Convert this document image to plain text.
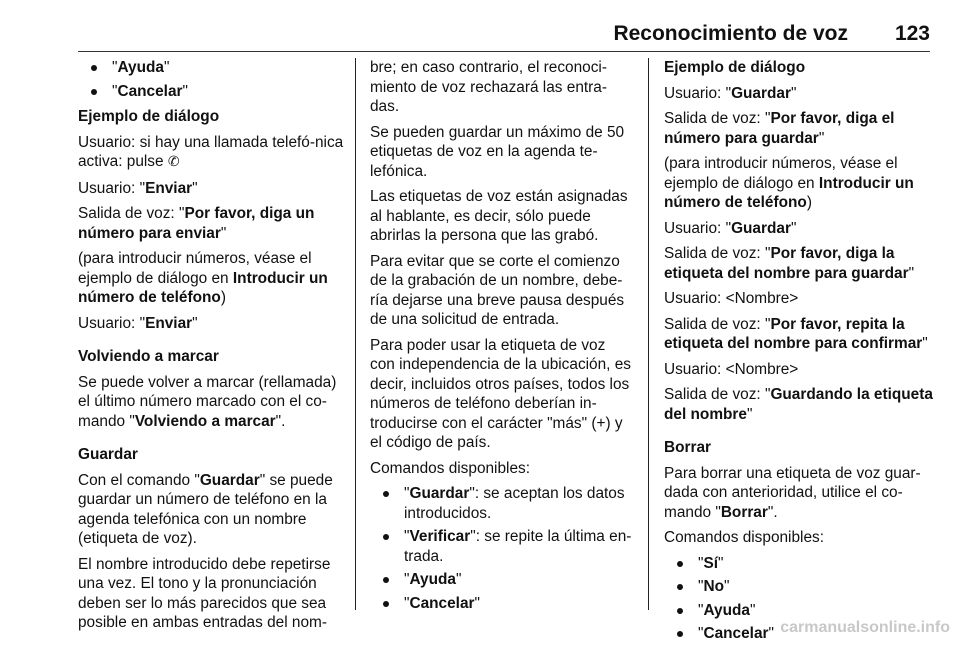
Reconocimiento de voz 123
"Ayuda"
"Cancelar"

Ejemplo de diálogo

Usuario: si hay una llamada telefó-nica activa: pulse ✆

Usuario: "Enviar"

Salida de voz: "Por favor, diga un número para enviar"

(para introducir números, véase el ejemplo de diálogo en Introducir un número de teléfono)

Usuario: "Enviar"

Volviendo a marcar

Se puede volver a marcar (rellamada) el último número marcado con el co-mando "Volviendo a marcar".

Guardar

Con el comando "Guardar" se puede guardar un número de teléfono en la agenda telefónica con un nombre (etiqueta de voz).

El nombre introducido debe repetirse una vez. El tono y la pronunciación deben ser lo más parecidos que sea posible en ambas entradas del nom-

bre; en caso contrario, el reconoci-miento de voz rechazará las entra-das.

Se pueden guardar un máximo de 50 etiquetas de voz en la agenda te-lefónica.

Las etiquetas de voz están asignadas al hablante, es decir, sólo puede abrirlas la persona que las grabó.

Para evitar que se corte el comienzo de la grabación de un nombre, debe-ría dejarse una breve pausa después de una solicitud de entrada.

Para poder usar la etiqueta de voz con independencia de la ubicación, es decir, incluidos otros países, todos los números de teléfono deberían in-troducirse con el carácter "más" (+) y el código de país.

Comandos disponibles:

"Guardar": se aceptan los datos introducidos.
"Verificar": se repite la última en-trada.
"Ayuda"
"Cancelar"

Ejemplo de diálogo

Usuario: "Guardar"

Salida de voz: "Por favor, diga el número para guardar"

(para introducir números, véase el ejemplo de diálogo en Introducir un número de teléfono)

Usuario: "Guardar"

Salida de voz: "Por favor, diga la etiqueta del nombre para guardar"

Usuario: <Nombre>

Salida de voz: "Por favor, repita la etiqueta del nombre para confirmar"

Usuario: <Nombre>

Salida de voz: "Guardando la etiqueta del nombre"

Borrar

Para borrar una etiqueta de voz guar-dada con anterioridad, utilice el co-mando "Borrar".

Comandos disponibles:

"Sí"
"No"
"Ayuda"
"Cancelar" carmanualsonline.info
